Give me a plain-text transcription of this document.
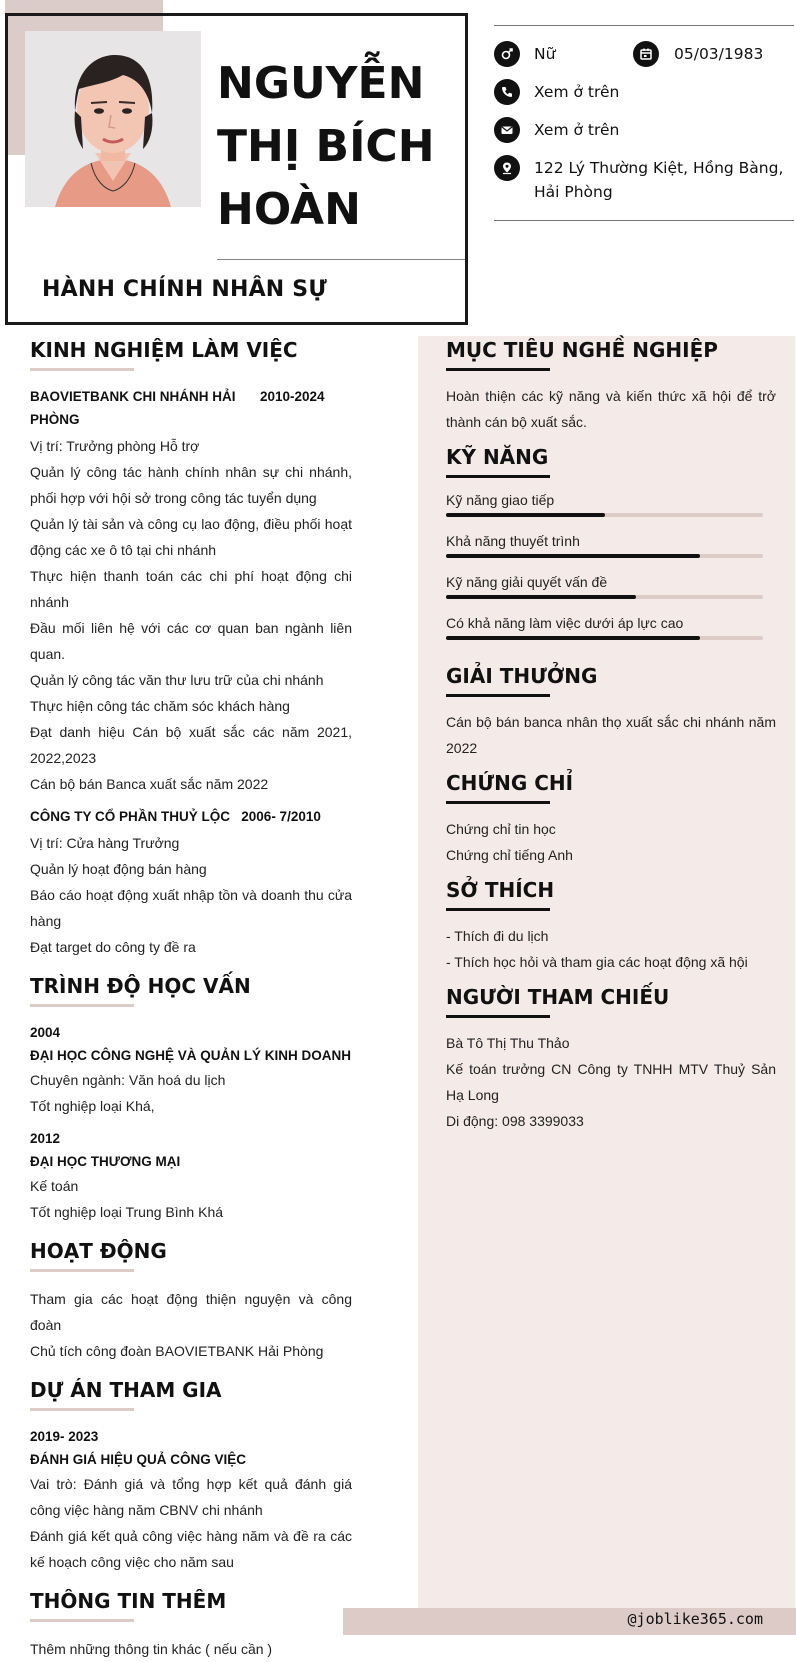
NGUYỄN THỊ BÍCH HOÀN
HÀNH CHÍNH NHÂN SỰ
Nữ	05/03/1983
Xem ở trên
Xem ở trên
122 Lý Thường Kiệt, Hồng Bàng, Hải Phòng
KINH NGHIỆM LÀM VIỆC
BAOVIETBANK CHI NHÁNH HẢI PHÒNG
2010-2024
Vị trí: Trưởng phòng Hỗ trợ
Quản lý công tác hành chính nhân sự chi nhánh, phối hợp với hội sở trong công tác tuyển dụng
Quản lý tài sản và công cụ lao động, điều phối hoạt động các xe ô tô tại chi nhánh
Thực hiện thanh toán các chi phí hoạt động chi nhánh
Đầu mối liên hệ với các cơ quan ban ngành liên quan.
Quản lý công tác văn thư lưu trữ của chi nhánh
Thực hiện công tác chăm sóc khách hàng
Đạt danh hiệu Cán bộ xuất sắc các năm 2021, 2022,2023
Cán bộ bán Banca xuất sắc năm 2022
CÔNG TY CỔ PHẦN THUỶ LỘC 2006- 7/2010
Vị trí: Cửa hàng Trưởng
Quản lý hoạt động bán hàng
Báo cáo hoạt động xuất nhập tồn và doanh thu cửa hàng
Đạt target do công ty đề ra
TRÌNH ĐỘ HỌC VẤN
2004
ĐẠI HỌC CÔNG NGHỆ VÀ QUẢN LÝ KINH DOANH
Chuyên ngành: Văn hoá du lịch
Tốt nghiệp loại Khá,
2012
ĐẠI HỌC THƯƠNG MẠI
Kế toán
Tốt nghiệp loại Trung Bình Khá
HOẠT ĐỘNG
Tham gia các hoạt động thiện nguyện và công đoàn
Chủ tích công đoàn BAOVIETBANK Hải Phòng
DỰ ÁN THAM GIA
2019- 2023
ĐÁNH GIÁ HIỆU QUẢ CÔNG VIỆC
Vai trò: Đánh giá và tổng hợp kết quả đánh giá công việc hàng năm CBNV chi nhánh
Đánh giá kết quả công việc hàng năm và đề ra các kế hoạch công việc cho năm sau
THÔNG TIN THÊM
Thêm những thông tin khác ( nếu cần )
MỤC TIÊU NGHỀ NGHIỆP
Hoàn thiện các kỹ năng và kiến thức xã hội để trở thành cán bộ xuất sắc.
KỸ NĂNG
Kỹ năng giao tiếp
Khả năng thuyết trình
Kỹ năng giải quyết vấn đề
Có khả năng làm việc dưới áp lực cao
GIẢI THƯỞNG
Cán bộ bán banca nhân thọ xuất sắc chi nhánh năm 2022
CHỨNG CHỈ
Chứng chỉ tin học
Chứng chỉ tiếng Anh
SỞ THÍCH
- Thích đi du lịch
- Thích học hỏi và tham gia các hoạt động xã hội
NGƯỜI THAM CHIẾU
Bà Tô Thị Thu Thảo
Kế toán trưởng CN Công ty TNHH MTV Thuỷ Sản Hạ Long
Di động: 098 3399033
@joblike365.com
